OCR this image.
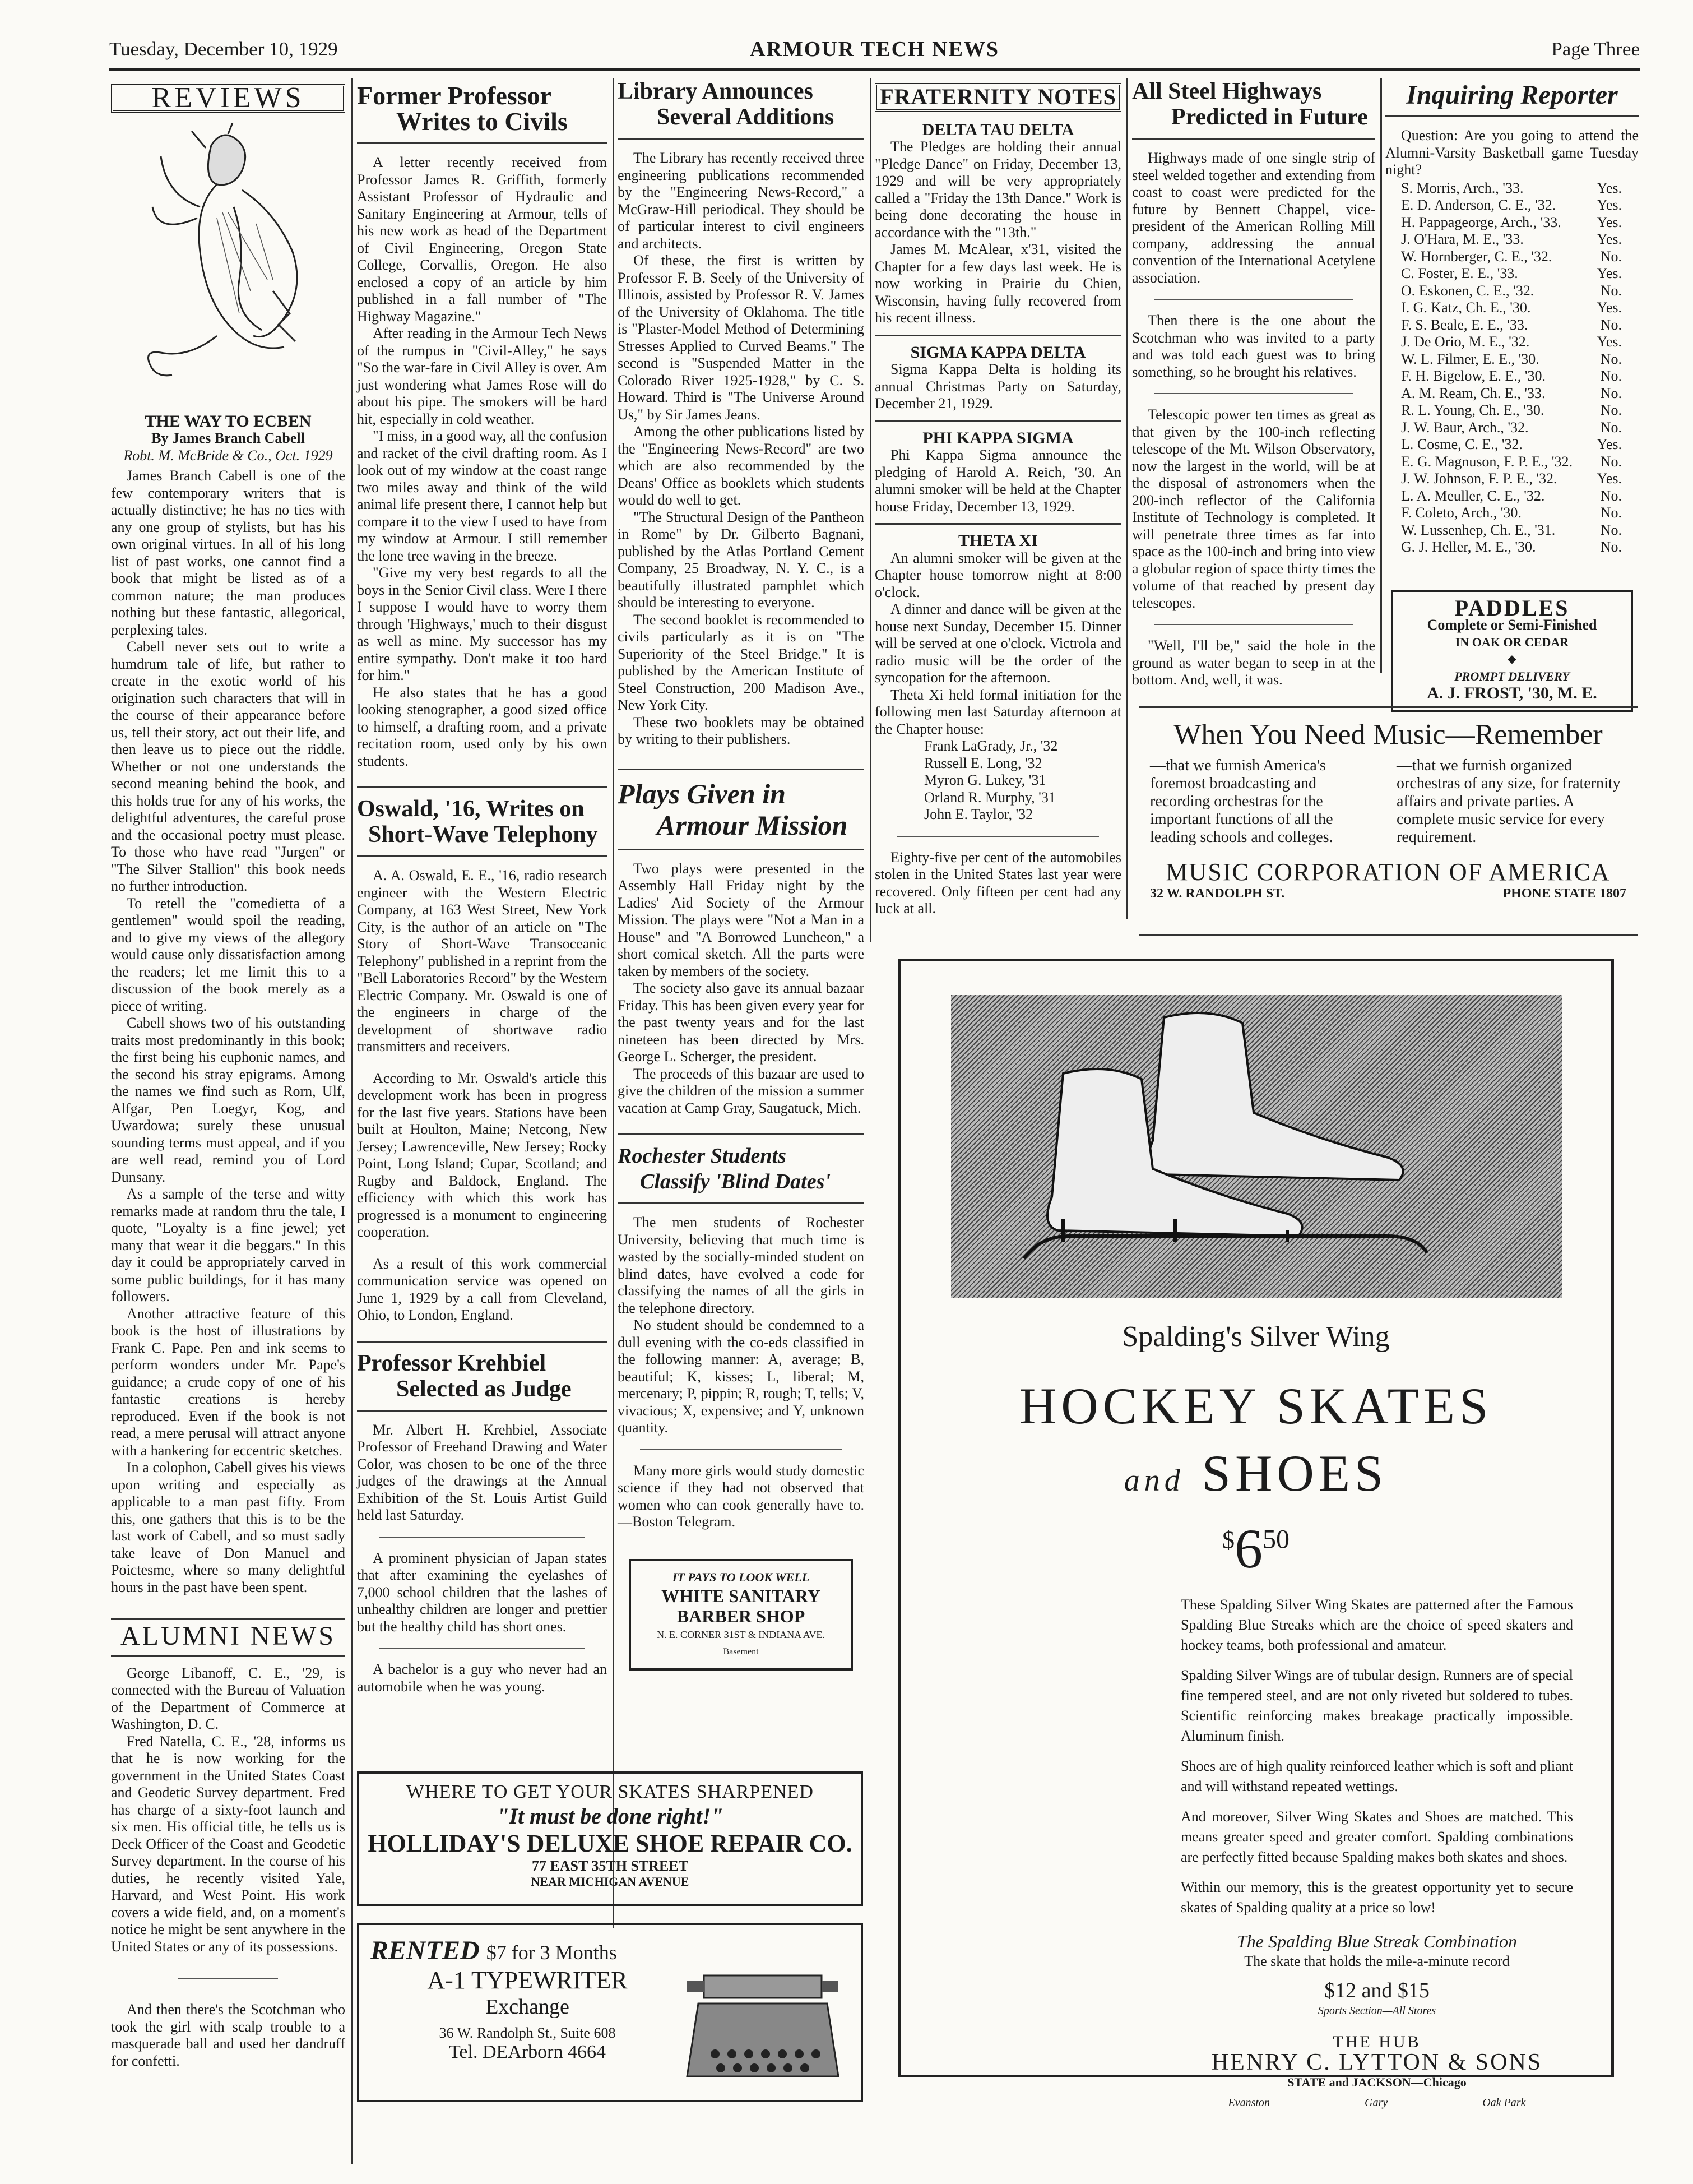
Tuesday, December 10, 1929	ARMOUR TECH NEWS	Page Three
REVIEWS
THE WAY TO ECBEN
By James Branch Cabell
Robt. M. McBride & Co., Oct. 1929

James Branch Cabell is one of the few contemporary writers that is actually distinctive; he has no ties with any one group of stylists, but has his own original virtues. In all of his long list of past works, one cannot find a book that might be listed as of a common nature; the man produces nothing but these fantastic, allegorical, perplexing tales.

Cabell never sets out to write a humdrum tale of life, but rather to create in the exotic world of his origination such characters that will in the course of their appearance before us, tell their story, act out their life, and then leave us to piece out the riddle. Whether or not one understands the second meaning behind the book, and this holds true for any of his works, the delightful adventures, the careful prose and the occasional poetry must please. To those who have read "Jurgen" or "The Silver Stallion" this book needs no further introduction.

To retell the "comedietta of a gentlemen" would spoil the reading, and to give my views of the allegory would cause only dissatisfaction among the readers; let me limit this to a discussion of the book merely as a piece of writing.

Cabell shows two of his outstanding traits most predominantly in this book; the first being his euphonic names, and the second his stray epigrams. Among the names we find such as Rorn, Ulf, Alfgar, Pen Loegyr, Kog, and Uwardowa; surely these unusual sounding terms must appeal, and if you are well read, remind you of Lord Dunsany.

As a sample of the terse and witty remarks made at random thru the tale, I quote, "Loyalty is a fine jewel; yet many that wear it die beggars." In this day it could be appropriately carved in some public buildings, for it has many followers.

Another attractive feature of this book is the host of illustrations by Frank C. Pape. Pen and ink seems to perform wonders under Mr. Pape's guidance; a crude copy of one of his fantastic creations is hereby reproduced. Even if the book is not read, a mere perusal will attract anyone with a hankering for eccentric sketches.

In a colophon, Cabell gives his views upon writing and especially as applicable to a man past fifty. From this, one gathers that this is to be the last work of Cabell, and so must sadly take leave of Don Manuel and Poictesme, where so many delightful hours in the past have been spent.

ALUMNI NEWS

George Libanoff, C. E., '29, is connected with the Bureau of Valuation of the Department of Commerce at Washington, D. C.

Fred Natella, C. E., '28, informs us that he is now working for the government in the United States Coast and Geodetic Survey department. Fred has charge of a sixty-foot launch and six men. His official title, he tells us is Deck Officer of the Coast and Geodetic Survey department. In the course of his duties, he recently visited Yale, Harvard, and West Point. His work covers a wide field, and, on a moment's notice he might be sent anywhere in the United States or any of its possessions.

And then there's the Scotchman who took the girl with scalp trouble to a masquerade ball and used her dandruff for confetti.

Former Professor
Writes to Civils

A letter recently received from Professor James R. Griffith, formerly Assistant Professor of Hydraulic and Sanitary Engineering at Armour, tells of his new work as head of the Department of Civil Engineering, Oregon State College, Corvallis, Oregon. He also enclosed a copy of an article by him published in a fall number of "The Highway Magazine."

After reading in the Armour Tech News of the rumpus in "Civil-Alley," he says "So the war-fare in Civil Alley is over. Am just wondering what James Rose will do about his pipe. The smokers will be hard hit, especially in cold weather.

"I miss, in a good way, all the confusion and racket of the civil drafting room. As I look out of my window at the coast range two miles away and think of the wild animal life present there, I cannot help but compare it to the view I used to have from my window at Armour. I still remember the lone tree waving in the breeze.

"Give my very best regards to all the boys in the Senior Civil class. Were I there I suppose I would have to worry them through 'Highways,' much to their disgust as well as mine. My successor has my entire sympathy. Don't make it too hard for him."

He also states that he has a good looking stenographer, a good sized office to himself, a drafting room, and a private recitation room, used only by his own students.

Oswald, '16, Writes on
Short-Wave Telephony

A. A. Oswald, E. E., '16, radio research engineer with the Western Electric Company, at 163 West Street, New York City, is the author of an article on "The Story of Short-Wave Transoceanic Telephony" published in a reprint from the "Bell Laboratories Record" by the Western Electric Company. Mr. Oswald is one of the engineers in charge of the development of shortwave radio transmitters and receivers.

According to Mr. Oswald's article this development work has been in progress for the last five years. Stations have been built at Houlton, Maine; Netcong, New Jersey; Lawrenceville, New Jersey; Rocky Point, Long Island; Cupar, Scotland; and Rugby and Baldock, England. The efficiency with which this work has progressed is a monument to engineering cooperation.

As a result of this work commercial communication service was opened on June 1, 1929 by a call from Cleveland, Ohio, to London, England.

Professor Krehbiel
Selected as Judge

Mr. Albert H. Krehbiel, Associate Professor of Freehand Drawing and Water Color, was chosen to be one of the three judges of the drawings at the Annual Exhibition of the St. Louis Artist Guild held last Saturday.

A prominent physician of Japan states that after examining the eyelashes of 7,000 school children that the lashes of unhealthy children are longer and prettier but the healthy child has short ones.

A bachelor is a guy who never had an automobile when he was young.

Library Announces
Several Additions

The Library has recently received three engineering publications recommended by the "Engineering News-Record," a McGraw-Hill periodical. They should be of particular interest to civil engineers and architects.

Of these, the first is written by Professor F. B. Seely of the University of Illinois, assisted by Professor R. V. James of the University of Oklahoma. The title is "Plaster-Model Method of Determining Stresses Applied to Curved Beams." The second is "Suspended Matter in the Colorado River 1925-1928," by C. S. Howard. Third is "The Universe Around Us," by Sir James Jeans.

Among the other publications listed by the "Engineering News-Record" are two which are also recommended by the Deans' Office as booklets which students would do well to get.

"The Structural Design of the Pantheon in Rome" by Dr. Gilberto Bagnani, published by the Atlas Portland Cement Company, 25 Broadway, N. Y. C., is a beautifully illustrated pamphlet which should be interesting to everyone.

The second booklet is recommended to civils particularly as it is on "The Superiority of the Steel Bridge." It is published by the American Institute of Steel Construction, 200 Madison Ave., New York City.

These two booklets may be obtained by writing to their publishers.

Plays Given in
Armour Mission

Two plays were presented in the Assembly Hall Friday night by the Ladies' Aid Society of the Armour Mission. The plays were "Not a Man in a House" and "A Borrowed Luncheon," a short comical sketch. All the parts were taken by members of the society.

The society also gave its annual bazaar Friday. This has been given every year for the past twenty years and for the last nineteen has been directed by Mrs. George L. Scherger, the president.

The proceeds of this bazaar are used to give the children of the mission a summer vacation at Camp Gray, Saugatuck, Mich.

Rochester Students
Classify 'Blind Dates'

The men students of Rochester University, believing that much time is wasted by the socially-minded student on blind dates, have evolved a code for classifying the names of all the girls in the telephone directory.

No student should be condemned to a dull evening with the co-eds classified in the following manner: A, average; B, beautiful; K, kisses; L, liberal; M, mercenary; P, pippin; R, rough; T, tells; V, vivacious; X, expensive; and Y, unknown quantity.

Many more girls would study domestic science if they had not observed that women who can cook generally have to.—Boston Telegram.

IT PAYS TO LOOK WELL
WHITE SANITARY
BARBER SHOP
N. E. CORNER 31ST & INDIANA AVE.
Basement
FRATERNITY NOTES
DELTA TAU DELTA

The Pledges are holding their annual "Pledge Dance" on Friday, December 13, 1929 and will be very appropriately called a "Friday the 13th Dance." Work is being done decorating the house in accordance with the "13th."

James M. McAlear, x'31, visited the Chapter for a few days last week. He is now working in Prairie du Chien, Wisconsin, having fully recovered from his recent illness.

SIGMA KAPPA DELTA

Sigma Kappa Delta is holding its annual Christmas Party on Saturday, December 21, 1929.

PHI KAPPA SIGMA

Phi Kappa Sigma announce the pledging of Harold A. Reich, '30. An alumni smoker will be held at the Chapter house Friday, December 13, 1929.

THETA XI

An alumni smoker will be given at the Chapter house tomorrow night at 8:00 o'clock.

A dinner and dance will be given at the house next Sunday, December 15. Dinner will be served at one o'clock. Victrola and radio music will be the order of the syncopation for the afternoon.

Theta Xi held formal initiation for the following men last Saturday afternoon at the Chapter house:

Frank LaGrady, Jr., '32

Russell E. Long, '32

Myron G. Lukey, '31

Orland R. Murphy, '31

John E. Taylor, '32

Eighty-five per cent of the automobiles stolen in the United States last year were recovered. Only fifteen per cent had any luck at all.

All Steel Highways
Predicted in Future

Highways made of one single strip of steel welded together and extending from coast to coast were predicted for the future by Bennett Chappel, vice-president of the American Rolling Mill company, addressing the annual convention of the International Acetylene association.

Then there is the one about the Scotchman who was invited to a party and was told each guest was to bring something, so he brought his relatives.

Telescopic power ten times as great as that given by the 100-inch reflecting telescope of the Mt. Wilson Observatory, now the largest in the world, will be at the disposal of astronomers when the 200-inch reflector of the California Institute of Technology is completed. It will penetrate three times as far into space as the 100-inch and bring into view a globular region of space thirty times the volume of that reached by present day telescopes.

"Well, I'll be," said the hole in the ground as water began to seep in at the bottom. And, well, it was.

Inquiring Reporter

Question: Are you going to attend the Alumni-Varsity Basketball game Tuesday night?

S. Morris, Arch., '33.	Yes.
E. D. Anderson, C. E., '32.	Yes.
H. Pappageorge, Arch., '33. Yes.
J. O'Hara, M. E., '33.	Yes.
W. Hornberger, C. E., '32.	No.
C. Foster, E. E., '33.	Yes.
O. Eskonen, C. E., '32.	No.
I. G. Katz, Ch. E., '30.	Yes.
F. S. Beale, E. E., '33.	No.
J. De Orio, M. E., '32.	Yes.
W. L. Filmer, E. E., '30.	No.
F. H. Bigelow, E. E., '30.	No.
A. M. Ream, Ch. E., '33.	No.
R. L. Young, Ch. E., '30.	No.
J. W. Baur, Arch., '32.	No.
L. Cosme, C. E., '32.	Yes.
E. G. Magnuson, F. P. E., '32. No.
J. W. Johnson, F. P. E., '32.	Yes.
L. A. Meuller, C. E., '32.	No.
F. Coleto, Arch., '30.	No.
W. Lussenhep, Ch. E., '31.	No.
G. J. Heller, M. E., '30.	No.
PADDLES
Complete or Semi-Finished
IN OAK OR CEDAR
—◆—
PROMPT DELIVERY
A. J. FROST, '30, M. E.
When You Need Music—Remember
—that we furnish America's foremost broadcasting and recording orchestras for the important functions of all the leading schools and colleges.
—that we furnish organized orchestras of any size, for fraternity affairs and private parties. A complete music service for every requirement.
MUSIC CORPORATION OF AMERICA
32 W. RANDOLPH ST.	PHONE STATE 1807
Spalding's Silver Wing
HOCKEY SKATES
and SHOES
$^{\$}6^{50}$

These Spalding Silver Wing Skates are patterned after the Famous Spalding Blue Streaks which are the choice of speed skaters and hockey teams, both professional and amateur.

Spalding Silver Wings are of tubular design. Runners are of special fine tempered steel, and are not only riveted but soldered to tubes. Scientific reinforcing makes breakage practically impossible. Aluminum finish.

Shoes are of high quality reinforced leather which is soft and pliant and will withstand repeated wettings.

And moreover, Silver Wing Skates and Shoes are matched. This means greater speed and greater comfort. Spalding combinations are perfectly fitted because Spalding makes both skates and shoes.

Within our memory, this is the greatest opportunity yet to secure skates of Spalding quality at a price so low!

The Spalding Blue Streak Combination
The skate that holds the mile-a-minute record
$12 and $15
Sports Section—All Stores
THE HUB
HENRY C. LYTTON & SONS
STATE and JACKSON—Chicago
Evanston	Gary	Oak Park
WHERE TO GET YOUR SKATES SHARPENED
"It must be done right!"
HOLLIDAY'S DELUXE SHOE REPAIR CO.
77 EAST 35TH STREET
NEAR MICHIGAN AVENUE
RENTED $7 for 3 Months
A-1 TYPEWRITER
Exchange
36 W. Randolph St., Suite 608
Tel. DEArborn 4664
